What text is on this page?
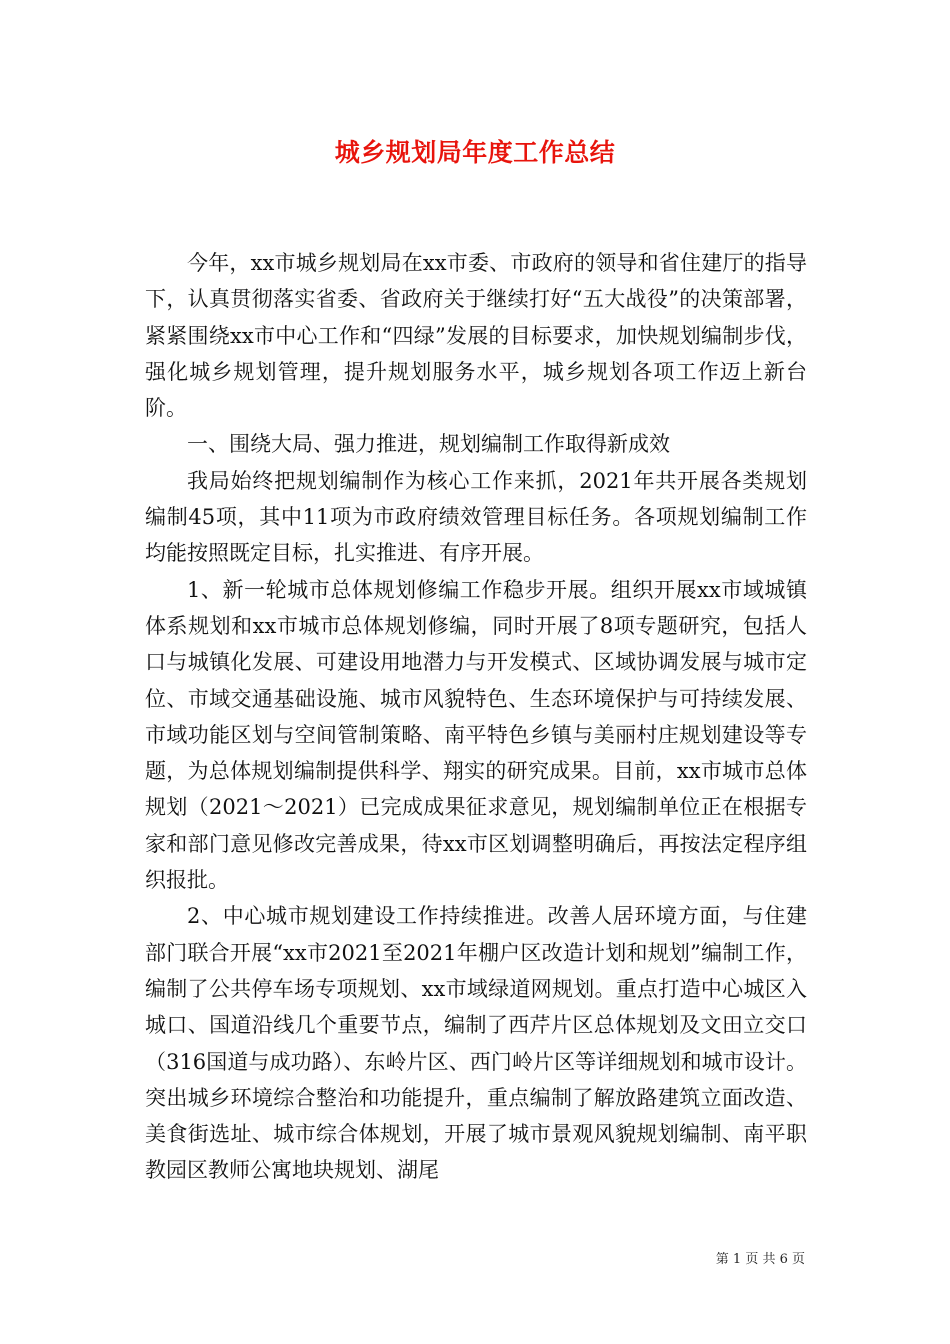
城乡规划局年度工作总结

今年，xx市城乡规划局在xx市委、市政府的领导和省住建厅的指导下，认真贯彻落实省委、省政府关于继续打好“五大战役”的决策部署，紧紧围绕xx市中心工作和“四绿”发展的目标要求，加快规划编制步伐，强化城乡规划管理，提升规划服务水平，城乡规划各项工作迈上新台阶。

一、围绕大局、强力推进，规划编制工作取得新成效

我局始终把规划编制作为核心工作来抓，2021年共开展各类规划编制45项，其中11项为市政府绩效管理目标任务。各项规划编制工作均能按照既定目标，扎实推进、有序开展。

1、新一轮城市总体规划修编工作稳步开展。组织开展xx市域城镇体系规划和xx市城市总体规划修编，同时开展了8项专题研究，包括人口与城镇化发展、可建设用地潜力与开发模式、区域协调发展与城市定位、市域交通基础设施、城市风貌特色、生态环境保护与可持续发展、市域功能区划与空间管制策略、南平特色乡镇与美丽村庄规划建设等专题，为总体规划编制提供科学、翔实的研究成果。目前，xx市城市总体规划（2021～2021）已完成成果征求意见，规划编制单位正在根据专家和部门意见修改完善成果，待xx市区划调整明确后，再按法定程序组织报批。

2、中心城市规划建设工作持续推进。改善人居环境方面，与住建部门联合开展“xx市2021至2021年棚户区改造计划和规划”编制工作，编制了公共停车场专项规划、xx市域绿道网规划。重点打造中心城区入城口、国道沿线几个重要节点，编制了西芹片区总体规划及文田立交口（316国道与成功路）、东岭片区、西门岭片区等详细规划和城市设计。突出城乡环境综合整治和功能提升，重点编制了解放路建筑立面改造、美食街选址、城市综合体规划，开展了城市景观风貌规划编制、南平职教园区教师公寓地块规划、湖尾

第 1 页 共 6 页
